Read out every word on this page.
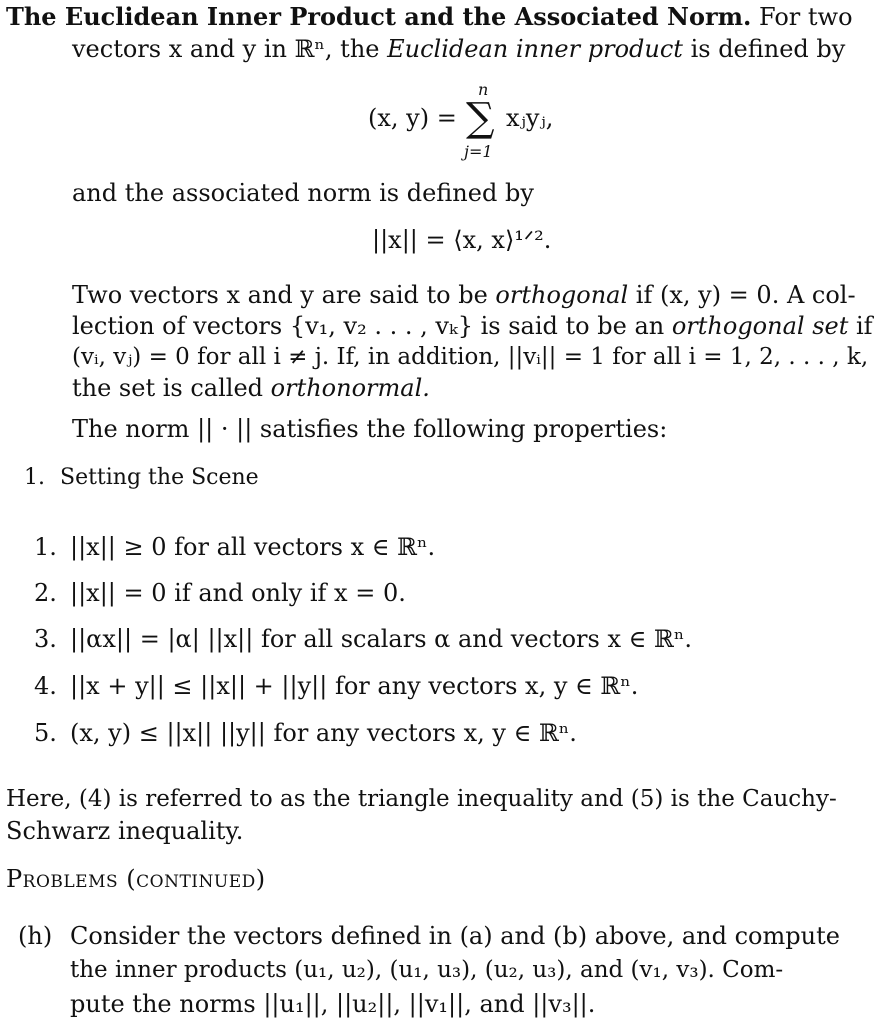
The Euclidean Inner Product and the Associated Norm. For two
vectors x and y in ℝⁿ, the Euclidean inner product is defined by
(x, y) =
n
∑
j=1
xⱼyⱼ,
and the associated norm is defined by
||x|| = ⟨x, x⟩¹ᐟ².
Two vectors x and y are said to be orthogonal if (x, y) = 0. A col-
lection of vectors {v₁, v₂ . . . , vₖ} is said to be an orthogonal set if
(vᵢ, vⱼ) = 0 for all i ≠ j. If, in addition, ||vᵢ|| = 1 for all i = 1, 2, . . . , k,
the set is called orthonormal.
The norm || · || satisfies the following properties:
1. Setting the Scene
1. ||x|| ≥ 0 for all vectors x ∈ ℝⁿ.
2. ||x|| = 0 if and only if x = 0.
3. ||αx|| = |α| ||x|| for all scalars α and vectors x ∈ ℝⁿ.
4. ||x + y|| ≤ ||x|| + ||y|| for any vectors x, y ∈ ℝⁿ.
5. (x, y) ≤ ||x|| ||y|| for any vectors x, y ∈ ℝⁿ.
Here, (4) is referred to as the triangle inequality and (5) is the Cauchy-
Schwarz inequality.
Problems (continued)
(h) Consider the vectors defined in (a) and (b) above, and compute
the inner products (u₁, u₂), (u₁, u₃), (u₂, u₃), and (v₁, v₃). Com-
pute the norms ||u₁||, ||u₂||, ||v₁||, and ||v₃||.
